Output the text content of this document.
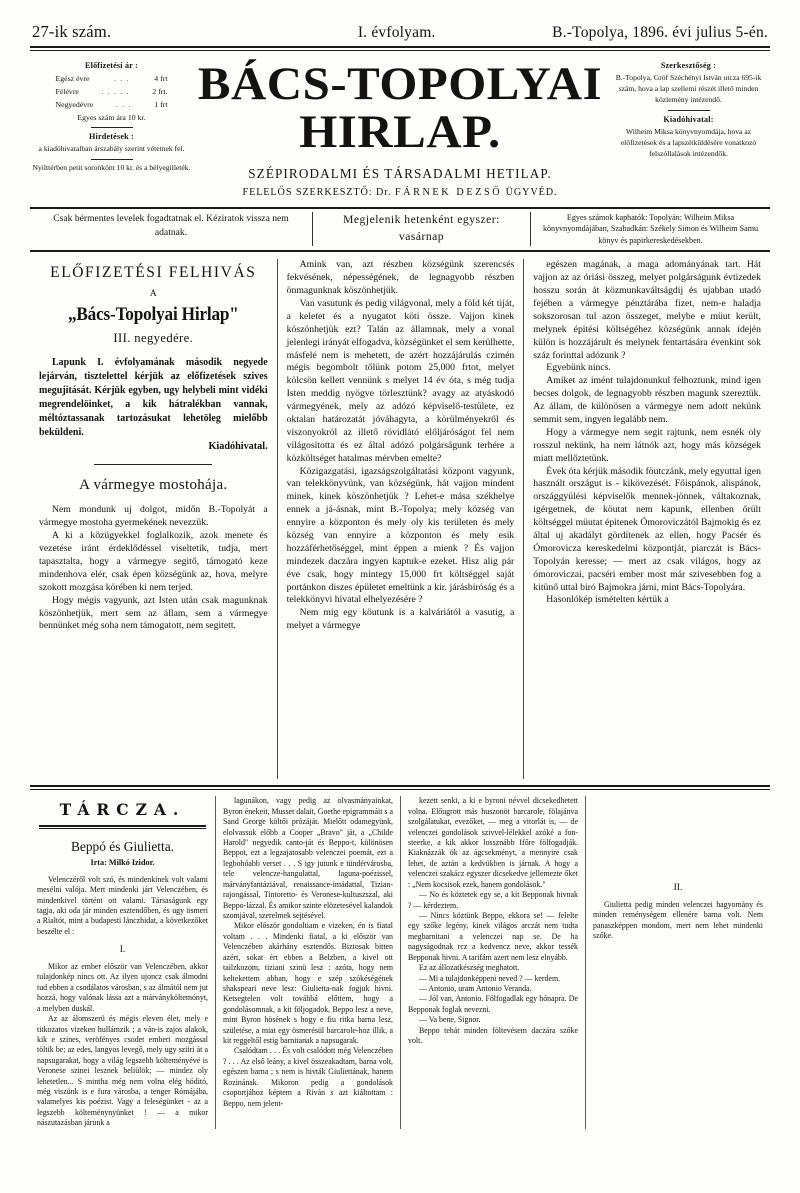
27-ik szám.	I. évfolyam.	B.-Topolya, 1896. évi julius 5-én.
Előfizetési ár :
Egész évre	. . .	4 frt
Félévre	. . . . .	2 frt.
Negyedévre	. . .	1 frt
Egyes szám ára 10 kr.
Hirdetések :

a kiadóhivatalban árszabály szerint vétetnek fel.

Nyilttérben petit soronkónt 10 kr. és a bélyegilleték.

BÁCS-TOPOLYAI HIRLAP.
SZÉPIRODALMI ÉS TÁRSADALMI HETILAP.
FELELŐS SZERKESZTŐ: Dr. FÁRNEK DEZSŐ ÜGYVÉD.
Szerkesztőség :

B.-Topolya, Gróf Széchényi István utcza 695-ik szám, hova a lap szellemi részét illető minden közlemény intézendő.

Kiadóhivatal:

Wilheim Miksa könyvnyomdája, hova az előfizetések és a lapszétküldésére vonatkozó felszóllalások intézendők.

Csak bérmentes levelek fogadtatnak el. Kéziratok vissza nem adatnak.
Megjelenik hetenként egyszer:
vasárnap
Egyes számok kaphatók: Topolyán: Wilheim Miksa könyvnyomdájában, Szabadkán: Székely Simon és Wilheim Samu könyv és papirkereskedésekben.
ELŐFIZETÉSI FELHIVÁS
A
„Bács-Topolyai Hirlap"
III. negyedére.

Lapunk I. évfolyamának második negyede lejárván, tisztelettel kérjük az előfizetések szives megujitását. Kérjük egyben, ugy helybeli mint vidéki megrendelöinket, a kik hátralékban vannak, méltóztassanak tartozásukat lehetöleg mielőbb beküldeni.

Kiadóhivatal.

A vármegye mostohája.

Nem mondunk uj dolgot, midőn B.-Topolyát a vármegye mostoha gyermekének nevezzük.

A ki a közügyekkel foglalkozik, azok menete és vezetése iránt érdeklődéssel viseltetik, tudja, mert tapasztalta, hogy a vármegye segitő, támogató keze mindenhova elér, csak épen községünk az, hova, melyre szokott mozgása körében ki nem terjed.

Hogy mégis vagyunk, azt Isten után csak magunknak köszönhetjük, mert sem az állam, sem a vármegye bennünket még soha nem támogatott, nem segitett.

Amink van, azt részben községünk szerencsés fekvésének, népességének, de legnagyobb részben önmagunknak köszönhetjük.

Van vasutunk és pedig világvonal, mely a föld két tiját, a keletet és a nyugatot köti össze. Vajjon kinek köszönhetjük ezt? Talán az államnak, mely a vonal jelenlegi irányát elfogadva, községünket el sem kerülhette, másfelé nem is mehetett, de azért hozzájárulás czimén mégis begombolt tőlünk potom 25,000 frtot, melyet kölcsön kellett vennünk s melyet 14 év óta, s még tudja Isten meddig nyögve törlesztünk? avagy az atyáskodó vármegyének, mely az adózó képviselő-testülete, ez oktalan határozatát jóváhagyta, a körülményekről és viszonyokról az illető rövidlátó előljáróságot fel nem világositotta és ez által adózó polgárságunk terhére a közköltséget hatalmas mérvben emelte?

Közigazgatási, igazságszolgáltatási központ vagyunk, van telekkönyvünk, van községünk, hát vajjon mindent minek, kinek köszönhetjük ? Lehet-e mása székhelye ennek a já-ásnak, mint B.-Topolya; mely község van ennyire a központon és mely oly kis területen és mely község van ennyire a központon és mely esik hozzáférhetőséggel, mint éppen a mienk ? És vajjon mindezek daczára ingyen kaptuk-e ezeket. Hisz alig pár éve csak, hogy mintegy 15,000 frt költséggel saját portánkon diszes épületet emeltünk a kir. járásbiróság és a telekkönyvi hivatal elhelyezésére ?

Nem mig egy köutunk is a kalváriától a vasutig, a melyet a vármegye

egészen magának, a maga adományának tart. Hát vajjon az az óriási összeg, melyet polgárságunk évtizedek hosszu során át közmunkaváltságdij és ujabban utadó fejében a vármegye pénztárába fizet, nem-e haladja sokszorosan tul azon összeget, melybe e müut került, melynek épitési költségéhez községünk annak idején külön is hozzájárult és melynek fentartására évenkint sok száz forinttal adózunk ?

Egyebünk nincs.

Amiket az imént tulajdonunkul felhoztunk, mind igen becses dolgok, de legnagyobb részben magunk szereztük. Az állam, de különösen a vármegye nem adott nekünk semmit sem, ingyen legalább nem.

Hogy a vármegye nem segit rajtunk, nem esnék oly rosszul nekünk, ha nem látnók azt, hogy más községek miatt mellőztetünk.

Évek óta kérjük második föutczánk, mely egyuttal igen használt országut is - kikövezését. Főispánok, alispánok, országgyülési képviselők mennek-jönnek, váltakoznak, igérgetnek, de köutat nem kapunk, ellenben őrült költséggel müutat épitenek Ómoroviczától Bajmokig és ez által uj akadályt gördítenek az ellen, hogy Pacsér és Ómorovicza kereskedelmi központját, piarczát is Bács-Topolyán keresse; — mert az csak világos, hogy az ómoroviczai, pacséri ember most már szivesebben fog a kitünő uttal biró Bajmokra járni, mint Bács-Topolyára.

Hasonlókép ismételten kértük a

TÁRCZA.
Beppó és Giulietta.
Irta: Milkó Izidor.

Velenczéről volt szó, és mindenkinek volt valami mesélni valója. Mert mindenki járt Velenczében, és mindenkivel történt ott valami. Társaságunk egy tagja, aki oda jár minden esztendőben, és ugy ösmeri a Rialtót, mint a budapesti lánczhidat, a következőket beszélte el :

I.

Mikor az ember először van Velenczében, akkor tulajdonkép nincs ott. Az ilyen ujoncz csak álmodni tud ebben a csodálatos városban, s az álmától nem jut hozzá, hogy valónak lássa azt a márványköltemónyt, a melyben duskál.

Az az álomszerü és mégis eleven élet, mely e titkozatos vizeken hullámzik ; a ván-is zajos alakok, kik e szines, veröfényes csodet emberi mozgással töltik be; az edes, langyos levegő, mely ugy sziiri át a napsugarakat, hogy a világ legszebb költeményévé is Veronese szinei lesznek beliülök; — mindez oly lehetetlen... S mintha még nem volna elég hóditó, még viszünk is e fura városba, a tenger Rómájába, valamelyes kis poézist. Vagy a feleségünket - az a legszebb költeménynyünket ! — a mikor nászutazásban járunk a

lagunákon, vagy pedig az olvasmányainkat, Byron énekeit, Musset dalait, Goethe epigrammáit s a Sand George költői prózáját. Mielőtt odamegyünk, elolvassuk előbb a Cooper „Bravo" ját, a „Childe Harold" negyedik canto-ját és Beppo-t, különösen Beppot, ezt a legzajatosabb velenczei poemát, ezt a legbohóabb verset . . . S igy jutunk e tündérvárosba, tele velencze-hangulattal, laguna-poézissel, márványfantáziával, renaissance-imádattal, Tizian-rajongással, Tintoretto- és Veronese-kultuszszal, aki Beppo-lázzal. És amikor szinte elözetesével kalandok szomjával, szerelmek sejtésével.

Mikor először gondoltiam e vizeken, én is fiatal voltam . . . Mindenki fiatal, a ki először van Velenczében akárhány esztendős. Biztosak bitten azért, sokat ért ebben a Belzben, a kivel ott tailzkozom, tiziani szinü lesz : azóta, hogy nem keltekettem abban, hogy e szép szókéségének shakspeari neve lesz: Giulietta-nak fogjuk hivni. Ketsegtelen volt továbbá előttem, hogy a gondolásomnak, a kit följogadok, Beppo lesz a neve, mint Byron hösének s hogy e fiu ritka barna lesz, születése, a miat egy ösmerésül barcarole-hoz illik, a kit reggeltől estig barnitanak a napsugarak.

Csalódtam . . . És volt csalódott még Velenczében ? . . . Az első leány, a kivel összeakadtam, barna volt, egészen barna ; s nem is hivták Giuliettának, hanem Rozinának. Mikoron pedig a gondolások csoportjához képtem a Riván s azt kiáltottam : Beppo, nem jelent-

kezett senki, a ki e byroni névvel dicsekedhetett volna. Előugrott más huszonöt barcarole, fölajánva szolgálatukat, evezőket, — meg a vitorlát is, — de velenczei gondolások szivvel-lélekkel azóké a fon-steerke, a kik akkor lossznább Ifőre fölfogadják. Kiaknázzák ök az ágcsekményt, a mennyire csak lehet, de aztán a kedvükben is járnak. A hogy a velenczei szakácz egyszer dicsekedve jellemezte őket : „Nem kocsisok ezek, hanem gondolások."

— No és köztetek egy se, a kit Bepponak hivnak ? — kérdeztem.

— Nincs köztünk Beppo, ekkora se! — felelte egy szőke legény, kinek világos arczát nem tudta megbarnitani a velenczei nap se. De ha nagyságodnak rcz a kedvencz neve, akkor tessék Bepponak hivni. A tarifám azert nem lesz elnyább.

Ez az állozatkészség meghatott.

— Mi a tulajdonképpeni neved ? — kerdem.

— Antonio, uram Antonio Veranda.

— Jól van, Antonio. Fölfogadlak egy hónapra. De Bepponak foglak nevezni.

— Va bene, Signor.

Beppo tehát minden föltevésem daczára szőke volt.

II.

Giulietta pedig minden velenczei hagyomány és minden reménységem ellenére barna volt. Nem panaszképpen mondom, mert nem lehet mindenki szőke.
